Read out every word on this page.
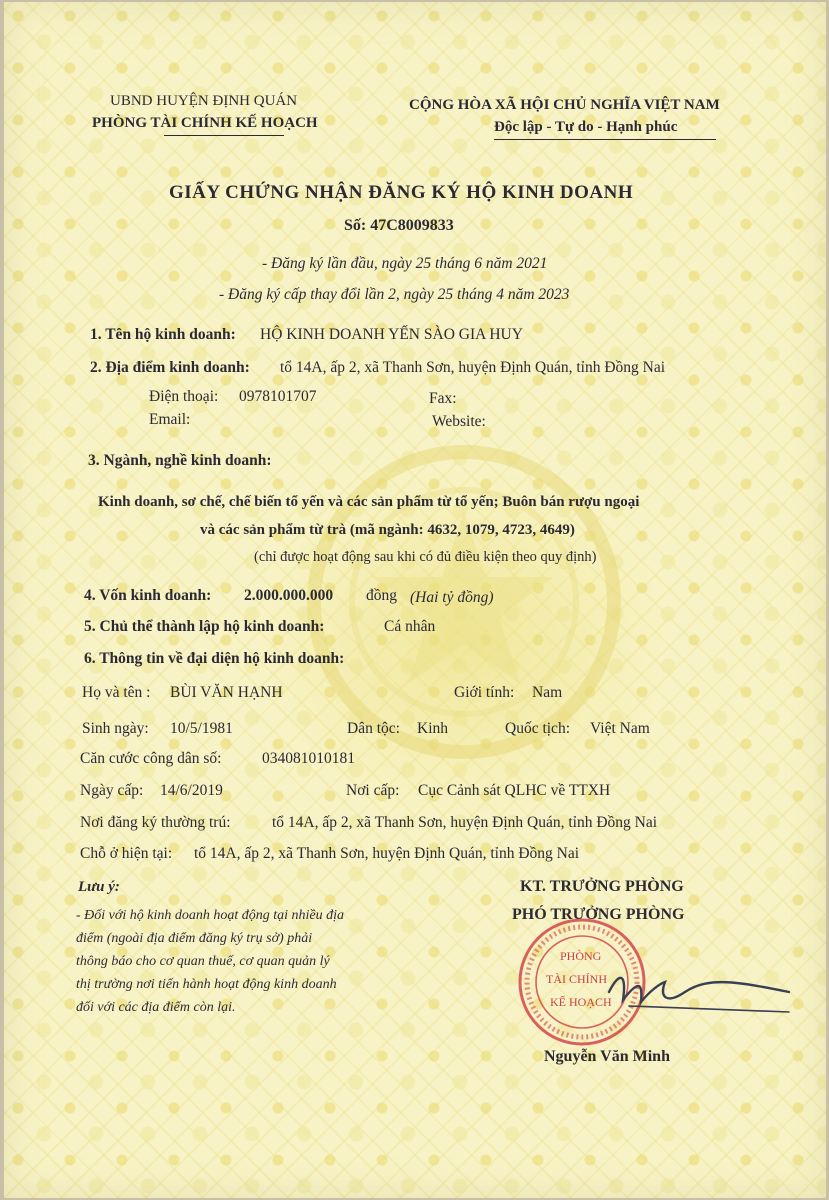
UBND HUYỆN ĐỊNH QUÁN
PHÒNG TÀI CHÍNH KẾ HOẠCH
CỘNG HÒA XÃ HỘI CHỦ NGHĨA VIỆT NAM
Độc lập - Tự do - Hạnh phúc
GIẤY CHỨNG NHẬN ĐĂNG KÝ HỘ KINH DOANH
Số: 47C8009833
- Đăng ký lần đầu, ngày 25 tháng 6 năm 2021
- Đăng ký cấp thay đổi lần 2, ngày 25 tháng 4 năm 2023
1. Tên hộ kinh doanh: HỘ KINH DOANH YẾN SÀO GIA HUY
2. Địa điểm kinh doanh: tổ 14A, ấp 2, xã Thanh Sơn, huyện Định Quán, tỉnh Đồng Nai
Điện thoại: 0978101707	Fax:
Email:	Website:
3. Ngành, nghề kinh doanh:
Kinh doanh, sơ chế, chế biến tổ yến và các sản phẩm từ tổ yến; Buôn bán rượu ngoại
và các sản phẩm từ trà (mã ngành: 4632, 1079, 4723, 4649)
(chỉ được hoạt động sau khi có đủ điều kiện theo quy định)
4. Vốn kinh doanh: 2.000.000.000 đồng (Hai tỷ đồng)
5. Chủ thể thành lập hộ kinh doanh:	Cá nhân
6. Thông tin về đại diện hộ kinh doanh:
Họ và tên : BÙI VĂN HẠNH	Giới tính: Nam
Sinh ngày: 10/5/1981	Dân tộc: Kinh	Quốc tịch: Việt Nam
Căn cước công dân số:	034081010181
Ngày cấp: 14/6/2019	Nơi cấp: Cục Cảnh sát QLHC về TTXH
Nơi đăng ký thường trú:	tổ 14A, ấp 2, xã Thanh Sơn, huyện Định Quán, tỉnh Đồng Nai
Chỗ ở hiện tại: tổ 14A, ấp 2, xã Thanh Sơn, huyện Định Quán, tỉnh Đồng Nai
Lưu ý:
- Đối với hộ kinh doanh hoạt động tại nhiều địa
điểm (ngoài địa điểm đăng ký trụ sở) phải
thông báo cho cơ quan thuế, cơ quan quản lý
thị trường nơi tiến hành hoạt động kinh doanh
đối với các địa điểm còn lại.
KT. TRƯỞNG PHÒNG
PHÓ TRƯỞNG PHÒNG
PHÒNG
TÀI CHÍNH
KẾ HOẠCH
Nguyễn Văn Minh
